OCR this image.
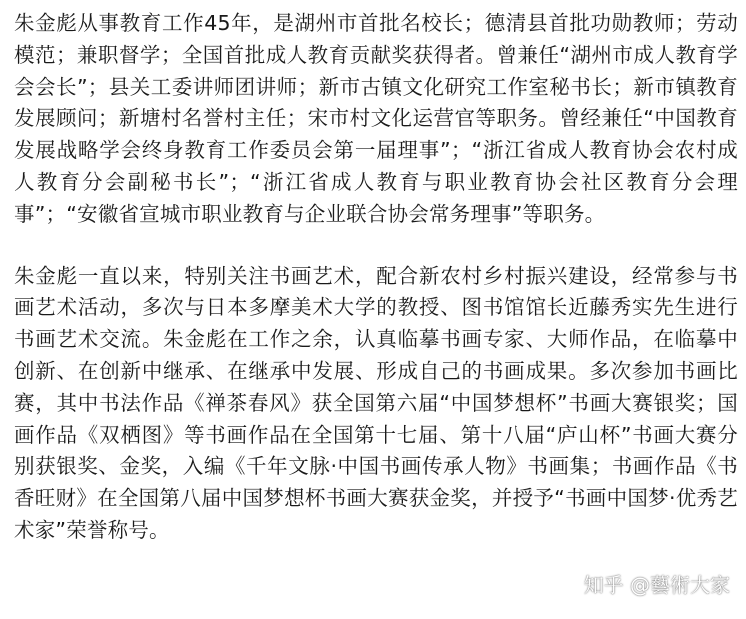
朱金彪从事教育工作45年，是湖州市首批名校长；德清县首批功勋教师；劳动模范；兼职督学；全国首批成人教育贡献奖获得者。曾兼任“湖州市成人教育学会会长”；县关工委讲师团讲师；新市古镇文化研究工作室秘书长；新市镇教育发展顾问；新塘村名誉村主任；宋市村文化运营官等职务。曾经兼任“中国教育发展战略学会终身教育工作委员会第一届理事”；“浙江省成人教育协会农村成人教育分会副秘书长”；“浙江省成人教育与职业教育协会社区教育分会理事”；“安徽省宣城市职业教育与企业联合协会常务理事”等职务。

朱金彪一直以来，特别关注书画艺术，配合新农村乡村振兴建设，经常参与书画艺术活动，多次与日本多摩美术大学的教授、图书馆馆长近藤秀实先生进行书画艺术交流。朱金彪在工作之余，认真临摹书画专家、大师作品，在临摹中创新、在创新中继承、在继承中发展、形成自己的书画成果。多次参加书画比赛，其中书法作品《禅茶春风》获全国第六届“中国梦想杯”书画大赛银奖；国画作品《双栖图》等书画作品在全国第十七届、第十八届“庐山杯”书画大赛分别获银奖、金奖，入编《千年文脉·中国书画传承人物》书画集；书画作品《书香旺财》在全国第八届中国梦想杯书画大赛获金奖，并授予“书画中国梦·优秀艺术家”荣誉称号。

知乎 @藝術大家
